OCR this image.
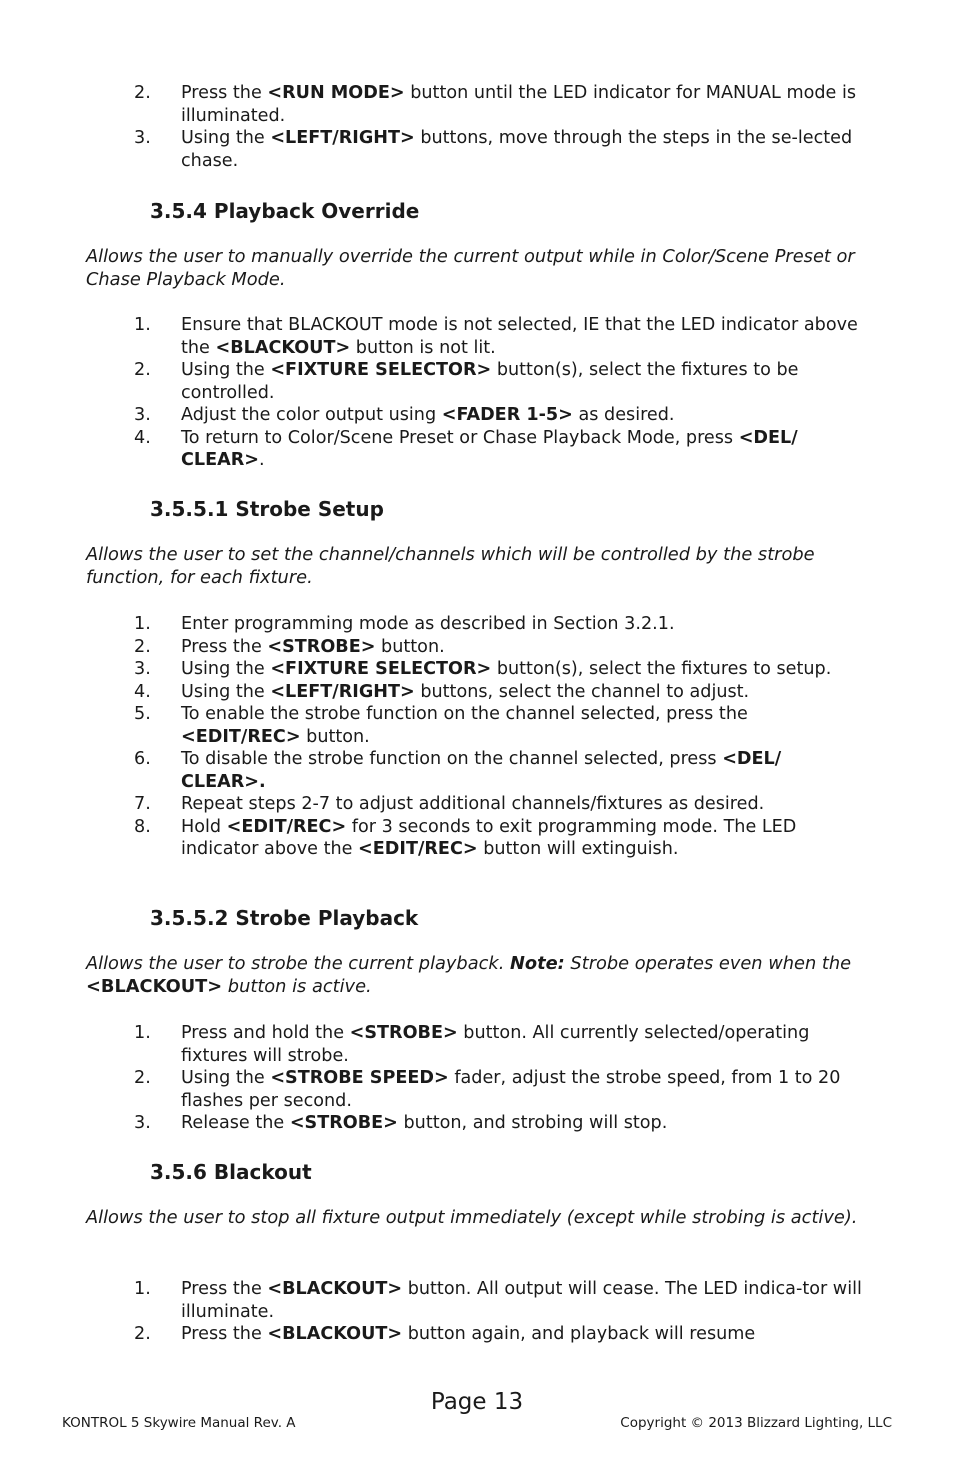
2. Press the <RUN MODE> button until the LED indicator for MANUAL mode is illuminated.
3. Using the <LEFT/RIGHT> buttons, move through the steps in the se-lected chase.
3.5.4 Playback Override
Allows the user to manually override the current output while in Color/Scene Preset or Chase Playback Mode.
1. Ensure that BLACKOUT mode is not selected, IE that the LED indicator above the <BLACKOUT> button is not lit.
2. Using the <FIXTURE SELECTOR> button(s), select the fixtures to be controlled.
3. Adjust the color output using <FADER 1-5> as desired.
4. To return to Color/Scene Preset or Chase Playback Mode, press <DEL/ CLEAR>.
3.5.5.1 Strobe Setup
Allows the user to set the channel/channels which will be controlled by the strobe function, for each fixture.
1. Enter programming mode as described in Section 3.2.1.
2. Press the <STROBE> button.
3. Using the <FIXTURE SELECTOR> button(s), select the fixtures to setup.
4. Using the <LEFT/RIGHT> buttons, select the channel to adjust.
5. To enable the strobe function on the channel selected, press the <EDIT/REC> button.
6. To disable the strobe function on the channel selected, press <DEL/ CLEAR>.
7. Repeat steps 2-7 to adjust additional channels/fixtures as desired.
8. Hold <EDIT/REC> for 3 seconds to exit programming mode. The LED indicator above the <EDIT/REC> button will extinguish.
3.5.5.2 Strobe Playback
Allows the user to strobe the current playback. Note: Strobe operates even when the <BLACKOUT> button is active.
1. Press and hold the <STROBE> button. All currently selected/operating fixtures will strobe.
2. Using the <STROBE SPEED> fader, adjust the strobe speed, from 1 to 20 flashes per second.
3. Release the <STROBE> button, and strobing will stop.
3.5.6 Blackout
Allows the user to stop all fixture output immediately (except while strobing is active).
1. Press the <BLACKOUT> button. All output will cease. The LED indica-tor will illuminate.
2. Press the <BLACKOUT> button again, and playback will resume
Page 13
KONTROL 5 Skywire Manual Rev. A	Copyright © 2013 Blizzard Lighting, LLC
